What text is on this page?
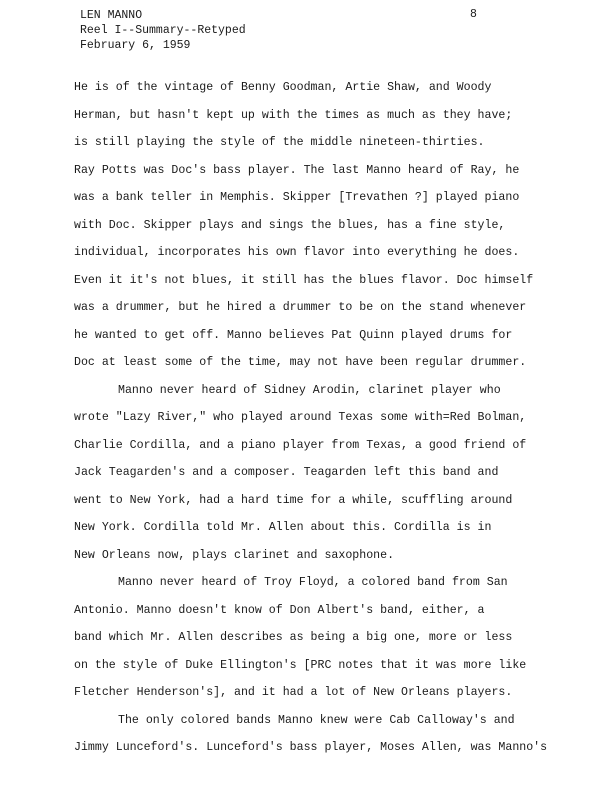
LEN MANNO
Reel I--Summary--Retyped
February 6, 1959
8
He is of the vintage of Benny Goodman, Artie Shaw, and Woody
Herman, but hasn't kept up with the times as much as they have;
is still playing the style of the middle nineteen-thirties.
Ray Potts was Doc's bass player. The last Manno heard of Ray, he
was a bank teller in Memphis. Skipper [Trevathen ?] played piano
with Doc. Skipper plays and sings the blues, has a fine style,
individual, incorporates his own flavor into everything he does.
Even it it's not blues, it still has the blues flavor. Doc himself
was a drummer, but he hired a drummer to be on the stand whenever
he wanted to get off. Manno believes Pat Quinn played drums for
Doc at least some of the time, may not have been regular drummer.
Manno never heard of Sidney Arodin, clarinet player who
wrote "Lazy River," who played around Texas some with=Red Bolman,
Charlie Cordilla, and a piano player from Texas, a good friend of
Jack Teagarden's and a composer. Teagarden left this band and
went to New York, had a hard time for a while, scuffling around
New York. Cordilla told Mr. Allen about this. Cordilla is in
New Orleans now, plays clarinet and saxophone.
Manno never heard of Troy Floyd, a colored band from San
Antonio. Manno doesn't know of Don Albert's band, either, a
band which Mr. Allen describes as being a big one, more or less
on the style of Duke Ellington's [PRC notes that it was more like
Fletcher Henderson's], and it had a lot of New Orleans players.
The only colored bands Manno knew were Cab Calloway's and
Jimmy Lunceford's. Lunceford's bass player, Moses Allen, was Manno's
